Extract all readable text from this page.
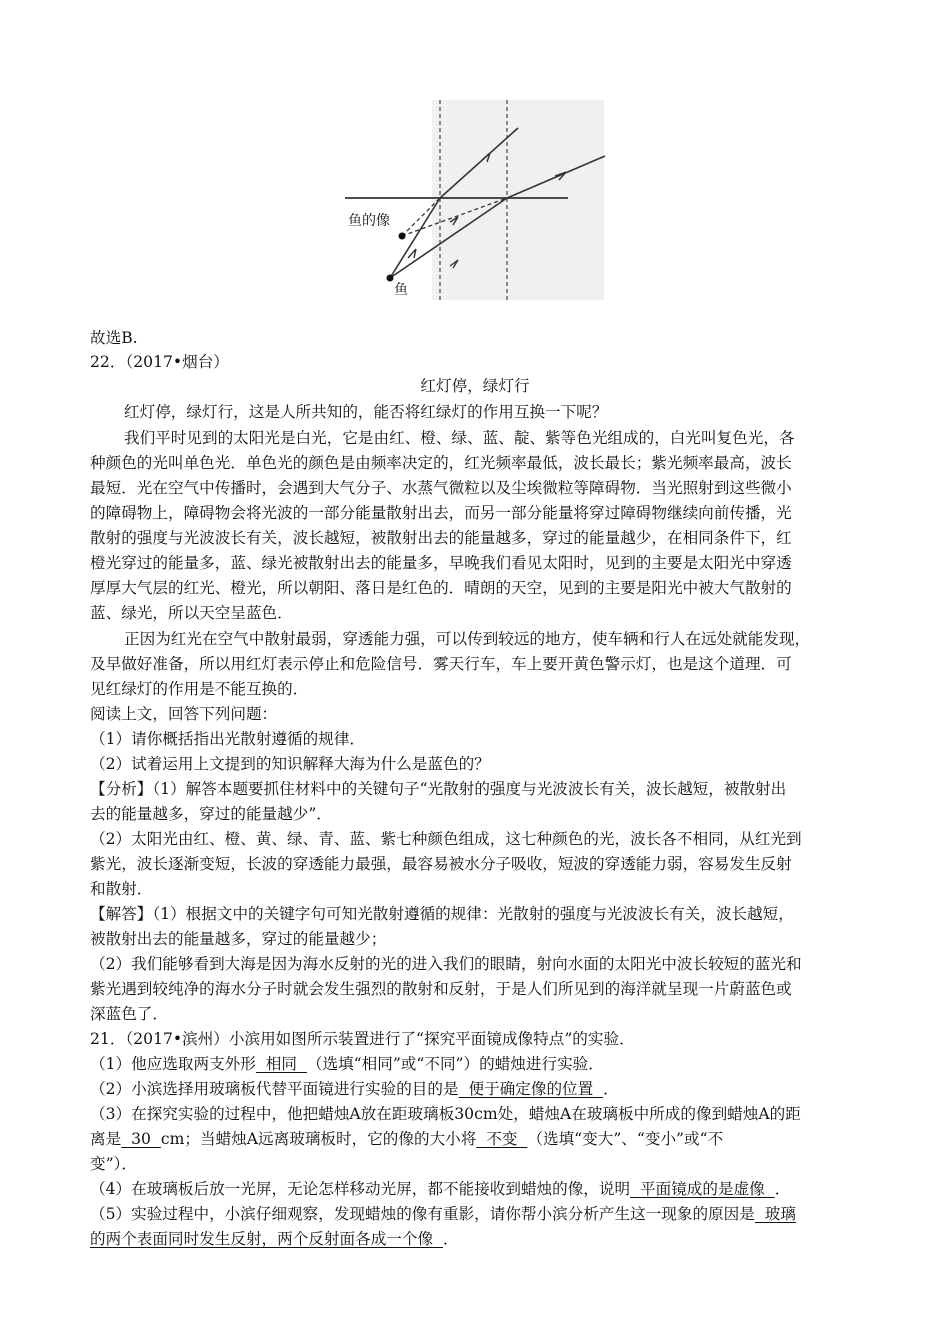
鱼的像
鱼
故选B.
22．（2017•烟台）
红灯停，绿灯行
红灯停，绿灯行，这是人所共知的，能否将红绿灯的作用互换一下呢？
我们平时见到的太阳光是白光，它是由红、橙、绿、蓝、靛、紫等色光组成的，白光叫复色光，各
种颜色的光叫单色光．单色光的颜色是由频率决定的，红光频率最低，波长最长；紫光频率最高，波长
最短．光在空气中传播时，会遇到大气分子、水蒸气微粒以及尘埃微粒等障碍物．当光照射到这些微小
的障碍物上，障碍物会将光波的一部分能量散射出去，而另一部分能量将穿过障碍物继续向前传播，光
散射的强度与光波波长有关，波长越短，被散射出去的能量越多，穿过的能量越少，在相同条件下，红
橙光穿过的能量多，蓝、绿光被散射出去的能量多，早晚我们看见太阳时，见到的主要是太阳光中穿透
厚厚大气层的红光、橙光，所以朝阳、落日是红色的．晴朗的天空，见到的主要是阳光中被大气散射的
蓝、绿光，所以天空呈蓝色．
正因为红光在空气中散射最弱，穿透能力强，可以传到较远的地方，使车辆和行人在远处就能发现，
及早做好准备，所以用红灯表示停止和危险信号．雾天行车，车上要开黄色警示灯，也是这个道理．可
见红绿灯的作用是不能互换的．
阅读上文，回答下列问题：
（1）请你概括指出光散射遵循的规律．
（2）试着运用上文提到的知识解释大海为什么是蓝色的？
【分析】（1）解答本题要抓住材料中的关键句子“光散射的强度与光波波长有关，波长越短，被散射出
去的能量越多，穿过的能量越少”．
（2）太阳光由红、橙、黄、绿、青、蓝、紫七种颜色组成，这七种颜色的光，波长各不相同，从红光到
紫光，波长逐渐变短，长波的穿透能力最强，最容易被水分子吸收，短波的穿透能力弱，容易发生反射
和散射．
【解答】（1）根据文中的关键字句可知光散射遵循的规律：光散射的强度与光波波长有关，波长越短，
被散射出去的能量越多，穿过的能量越少；
（2）我们能够看到大海是因为海水反射的光的进入我们的眼睛，射向水面的太阳光中波长较短的蓝光和
紫光遇到较纯净的海水分子时就会发生强烈的散射和反射，于是人们所见到的海洋就呈现一片蔚蓝色或
深蓝色了．
21．（2017•滨州）小滨用如图所示装置进行了“探究平面镜成像特点”的实验．
（1）他应选取两支外形  相同  （选填“相同”或“不同”）的蜡烛进行实验．
（2）小滨选择用玻璃板代替平面镜进行实验的目的是  便于确定像的位置  ．
（3）在探究实验的过程中，他把蜡烛A放在距玻璃板30cm处，蜡烛A在玻璃板中所成的像到蜡烛A的距
离是  30  cm；当蜡烛A远离玻璃板时，它的像的大小将  不变  （选填“变大”、“变小”或“不
变”）．
（4）在玻璃板后放一光屏，无论怎样移动光屏，都不能接收到蜡烛的像，说明  平面镜成的是虚像  ．
（5）实验过程中，小滨仔细观察，发现蜡烛的像有重影，请你帮小滨分析产生这一现象的原因是  玻璃
的两个表面同时发生反射，两个反射面各成一个像  ．
